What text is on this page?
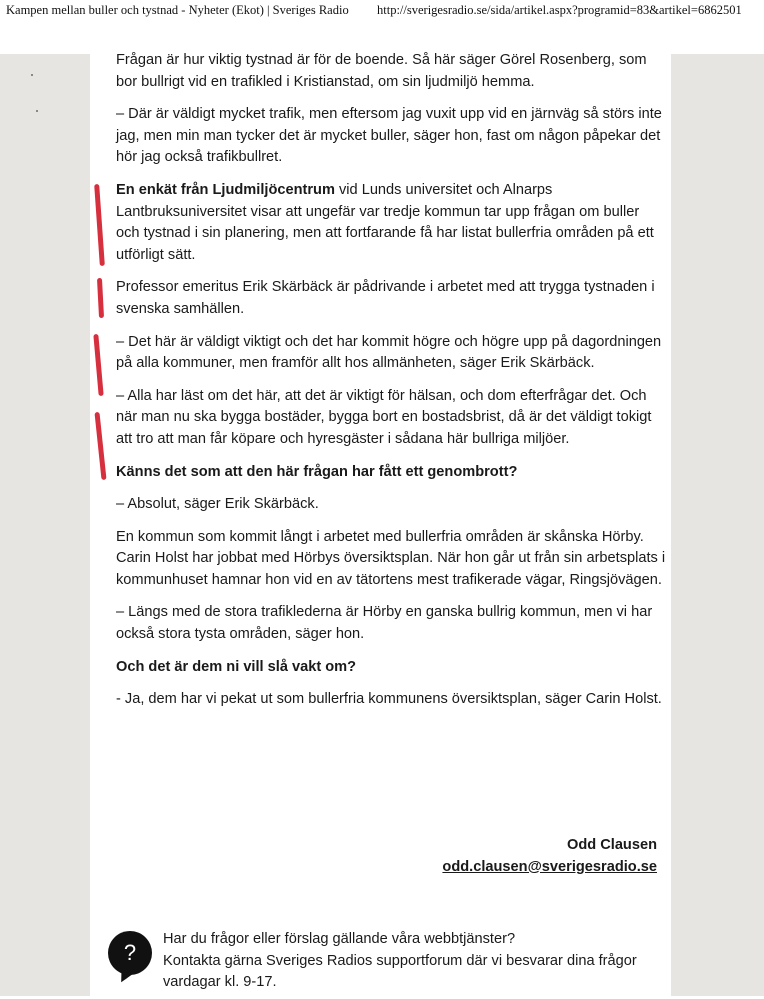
Kampen mellan buller och tystnad - Nyheter (Ekot) | Sveriges Radio http://sverigesradio.se/sida/artikel.aspx?programid=83&artikel=6862501

Frågan är hur viktig tystnad är för de boende. Så här säger Görel Rosenberg, som bor bullrigt vid en trafikled i Kristianstad, om sin ljudmiljö hemma.

– Där är väldigt mycket trafik, men eftersom jag vuxit upp vid en järnväg så störs inte jag, men min man tycker det är mycket buller, säger hon, fast om någon påpekar det hör jag också trafikbullret.

En enkät från Ljudmiljöcentrum vid Lunds universitet och Alnarps Lantbruksuniversitet visar att ungefär var tredje kommun tar upp frågan om buller och tystnad i sin planering, men att fortfarande få har listat bullerfria områden på ett utförligt sätt.

Professor emeritus Erik Skärbäck är pådrivande i arbetet med att trygga tystnaden i svenska samhällen.

– Det här är väldigt viktigt och det har kommit högre och högre upp på dagordningen på alla kommuner, men framför allt hos allmänheten, säger Erik Skärbäck.

– Alla har läst om det här, att det är viktigt för hälsan, och dom efterfrågar det. Och när man nu ska bygga bostäder, bygga bort en bostadsbrist, då är det väldigt tokigt att tro att man får köpare och hyresgäster i sådana här bullriga miljöer.

Känns det som att den här frågan har fått ett genombrott?

– Absolut, säger Erik Skärbäck.

En kommun som kommit långt i arbetet med bullerfria områden är skånska Hörby. Carin Holst har jobbat med Hörbys översiktsplan. När hon går ut från sin arbetsplats i kommunhuset hamnar hon vid en av tätortens mest trafikerade vägar, Ringsjövägen.

– Längs med de stora trafiklederna är Hörby en ganska bullrig kommun, men vi har också stora tysta områden, säger hon.

Och det är dem ni vill slå vakt om?

- Ja, dem har vi pekat ut som bullerfria kommunens översiktsplan, säger Carin Holst.

Odd Clausen
odd.clausen@sverigesradio.se
?
Har du frågor eller förslag gällande våra webbtjänster?
Kontakta gärna Sveriges Radios supportforum där vi besvarar dina frågor vardagar kl. 9-17.
